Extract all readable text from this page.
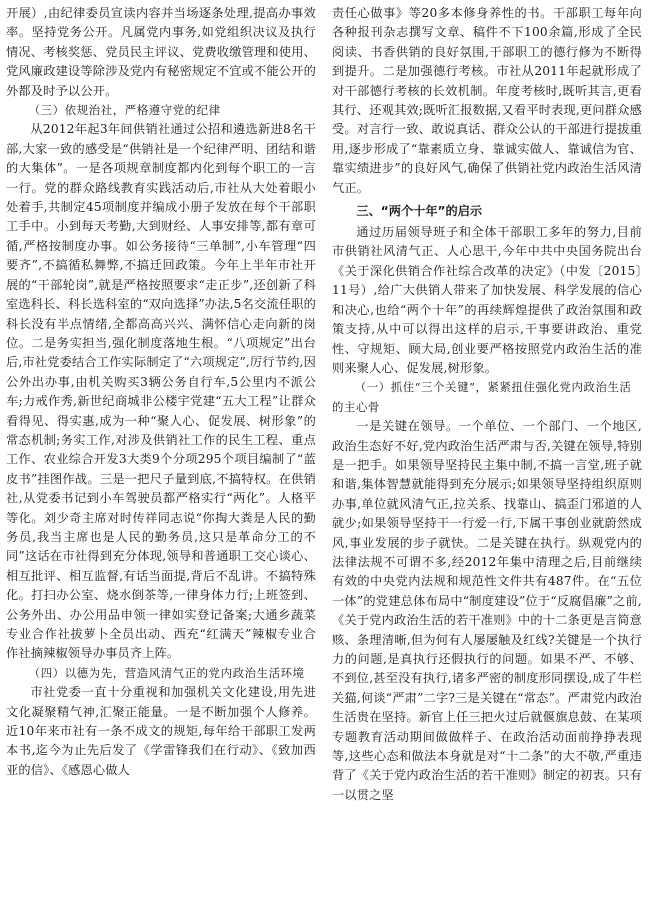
开展）,由纪律委员宣读内容并当场逐条处理,提高办事效率。坚持党务公开。凡属党内事务,如党组织决议及执行情况、考核奖惩、党员民主评议、党费收缴管理和使用、党风廉政建设等除涉及党内有秘密规定不宜或不能公开的外都及时予以公开。

（三）依规治社，严格遵守党的纪律

从2012年起3年间供销社通过公招和遴选新进8名干部,大家一致的感受是“供销社是一个纪律严明、团结和谐的大集体”。一是各项规章制度都内化到每个职工的一言一行。党的群众路线教育实践活动后,市社从大处着眼小处着手,共制定45项制度并编成小册子发放在每个干部职工手中。小到每天考勤,大到财经、人事安排等,都有章可循,严格按制度办事。如公务接待“三单制”,小车管理“四要齐”,不搞循私舞弊,不搞迁回政策。今年上半年市社开展的“干部轮岗”,就是严格按照要求“走正步”,还创新了科室选科长、科长选科室的“双向选择”办法,5名交流任职的科长没有半点情绪,全都高高兴兴、满怀信心走向新的岗位。二是务实担当,强化制度落地生根。“八项规定”出台后,市社党委结合工作实际制定了“六项规定”,厉行节约,因公外出办事,由机关购买3辆公务自行车,5公里内不派公车;力戒作秀,新世纪商城非公楼宇党建“五大工程”让群众看得见、得实惠,成为一种“聚人心、促发展、树形象”的常态机制;务实工作,对涉及供销社工作的民生工程、重点工作、农业综合开发3大类9个分项295个项目编制了“蓝皮书”挂图作战。三是一把尺子量到底,不搞特权。在供销社,从党委书记到小车驾驶员都严格实行“两化”。人格平等化。刘少奇主席对时传祥同志说“你掏大粪是人民的勤务员,我当主席也是人民的勤务员,这只是革命分工的不同”这话在市社得到充分体现,领导和普通职工交心谈心、相互批评、相互监督,有话当面提,背后不乱讲。不搞特殊化。打扫办公室、烧水倒茶等,一律身体力行;上班签到、公务外出、办公用品申领一律如实登记备案;大通乡蔬菜专业合作社拔萝卜全员出动、西充“红满天”辣椒专业合作社摘辣椒领导办事员齐上阵。

（四）以德为先，营造风清气正的党内政治生活环境

市社党委一直十分重视和加强机关文化建设,用先进文化凝聚精气神,汇聚正能量。一是不断加强个人修养。近10年来市社有一条不成文的规矩,每年给干部职工发两本书,迄今为止先后发了《学雷锋我们在行动》、《致加西亚的信》、《感恩心做人

责任心做事》等20多本修身养性的书。干部职工每年向各种报刊杂志撰写文章、稿件不下100余篇,形成了全民阅读、书香供销的良好氛围,干部职工的德行修为不断得到提升。二是加强德行考核。市社从2011年起就形成了对干部德行考核的长效机制。年度考核时,既听其言,更看其行、还观其效;既听汇报数据,又看平时表现,更问群众感受。对言行一致、敢说真话、群众公认的干部进行提拔重用,逐步形成了“靠素质立身、靠诚实做人、靠诚信为官、靠实绩进步”的良好风气,确保了供销社党内政治生活风清气正。

三、“两个十年”的启示

通过历届领导班子和全体干部职工多年的努力,目前市供销社风清气正、人心思干,今年中共中央国务院出台《关于深化供销合作社综合改革的决定》（中发〔2015〕11号）,给广大供销人带来了加快发展、科学发展的信心和决心,也给“两个十年”的再续辉煌提供了政治氛围和政策支持,从中可以得出这样的启示,干事要讲政治、重党性、守规矩、顾大局,创业要严格按照党内政治生活的准则来聚人心、促发展,树形象。

（一）抓住“三个关键”，紧紧扭住强化党内政治生活的主心骨

一是关键在领导。一个单位、一个部门、一个地区,政治生态好不好,党内政治生活严肃与否,关键在领导,特别是一把手。如果领导坚持民主集中制,不搞一言堂,班子就和谐,集体智慧就能得到充分展示;如果领导坚持组织原则办事,单位就风清气正,拉关系、找靠山、搞歪门邪道的人就少;如果领导坚持干一行爱一行,下属干事创业就蔚然成风,事业发展的步子就快。二是关键在执行。纵观党内的法律法规不可谓不多,经2012年集中清理之后,目前继续有效的中央党内法规和规范性文件共有487件。在“五位一体”的党建总体布局中“制度建设”位于“反腐倡廉”之前,《关于党内政治生活的若干准则》中的十二条更是言简意赅、条理清晰,但为何有人屡屡触及红线?关键是一个执行力的问题,是真执行还假执行的问题。如果不严、不够、不到位,甚至没有执行,诸多严密的制度形同摆设,成了牛栏关猫,何谈“严肃”二字?三是关键在“常态”。严肃党内政治生活贵在坚持。新官上任三把火过后就偃旗息鼓、在某项专题教育活动期间做做样子、在政治活动面前挣挣表现等,这些心态和做法本身就是对“十二条”的大不敬,严重违背了《关于党内政治生活的若干准则》制定的初衷。只有一以贯之坚
